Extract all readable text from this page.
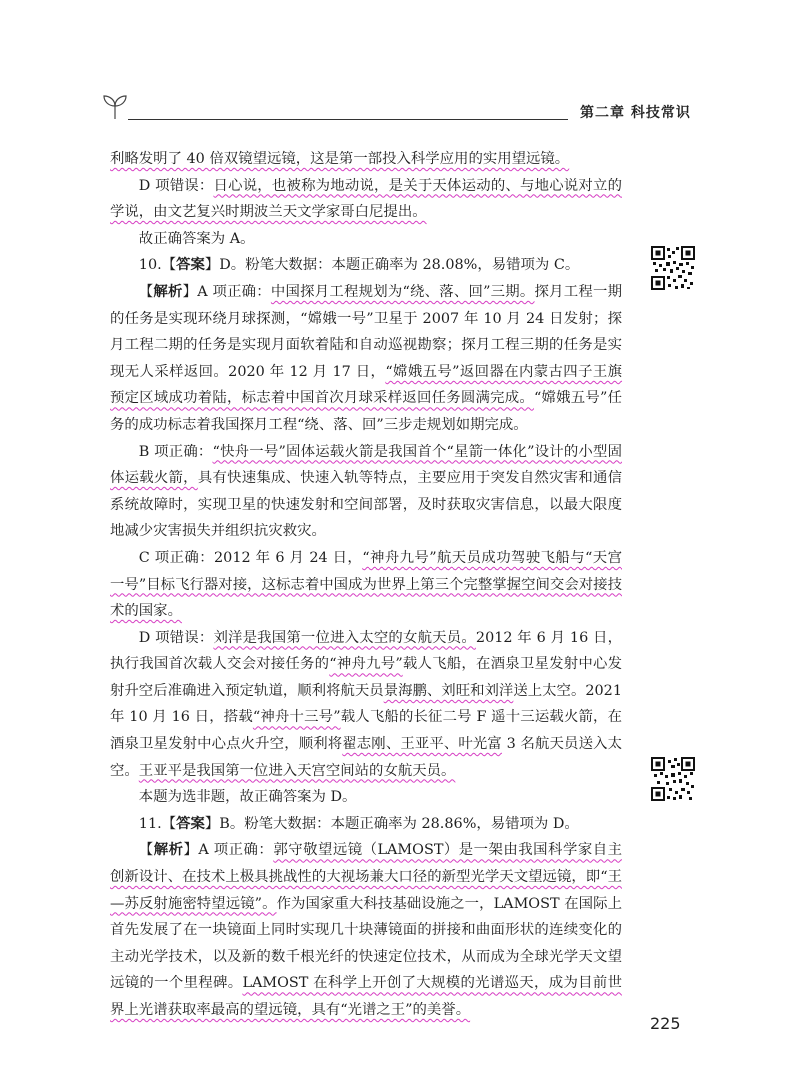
第二章 科技常识

利略发明了 40 倍双镜望远镜，这是第一部投入科学应用的实用望远镜。

D 项错误：日心说，也被称为地动说，是关于天体运动的、与地心说对立的学说，由文艺复兴时期波兰天文学家哥白尼提出。

故正确答案为 A。

10.【答案】D。粉笔大数据：本题正确率为 28.08%，易错项为 C。

【解析】A 项正确：中国探月工程规划为“绕、落、回”三期。探月工程一期的任务是实现环绕月球探测，“嫦娥一号”卫星于 2007 年 10 月 24 日发射；探月工程二期的任务是实现月面软着陆和自动巡视勘察；探月工程三期的任务是实现无人采样返回。2020 年 12 月 17 日，“嫦娥五号”返回器在内蒙古四子王旗预定区域成功着陆，标志着中国首次月球采样返回任务圆满完成。“嫦娥五号”任务的成功标志着我国探月工程“绕、落、回”三步走规划如期完成。

B 项正确：“快舟一号”固体运载火箭是我国首个“星箭一体化”设计的小型固体运载火箭，具有快速集成、快速入轨等特点，主要应用于突发自然灾害和通信系统故障时，实现卫星的快速发射和空间部署，及时获取灾害信息，以最大限度地减少灾害损失并组织抗灾救灾。

C 项正确：2012 年 6 月 24 日，“神舟九号”航天员成功驾驶飞船与“天宫一号”目标飞行器对接，这标志着中国成为世界上第三个完整掌握空间交会对接技术的国家。

D 项错误：刘洋是我国第一位进入太空的女航天员。2012 年 6 月 16 日，执行我国首次载人交会对接任务的“神舟九号”载人飞船，在酒泉卫星发射中心发射升空后准确进入预定轨道，顺利将航天员景海鹏、刘旺和刘洋送上太空。2021 年 10 月 16 日，搭载“神舟十三号”载人飞船的长征二号 F 遥十三运载火箭，在酒泉卫星发射中心点火升空，顺利将翟志刚、王亚平、叶光富 3 名航天员送入太空。王亚平是我国第一位进入天宫空间站的女航天员。

本题为选非题，故正确答案为 D。

11.【答案】B。粉笔大数据：本题正确率为 28.86%，易错项为 D。

【解析】A 项正确：郭守敬望远镜（LAMOST）是一架由我国科学家自主创新设计、在技术上极具挑战性的大视场兼大口径的新型光学天文望远镜，即“王—苏反射施密特望远镜”。作为国家重大科技基础设施之一，LAMOST 在国际上首先发展了在一块镜面上同时实现几十块薄镜面的拼接和曲面形状的连续变化的主动光学技术，以及新的数千根光纤的快速定位技术，从而成为全球光学天文望远镜的一个里程碑。LAMOST 在科学上开创了大规模的光谱巡天，成为目前世界上光谱获取率最高的望远镜，具有“光谱之王”的美誉。

225
